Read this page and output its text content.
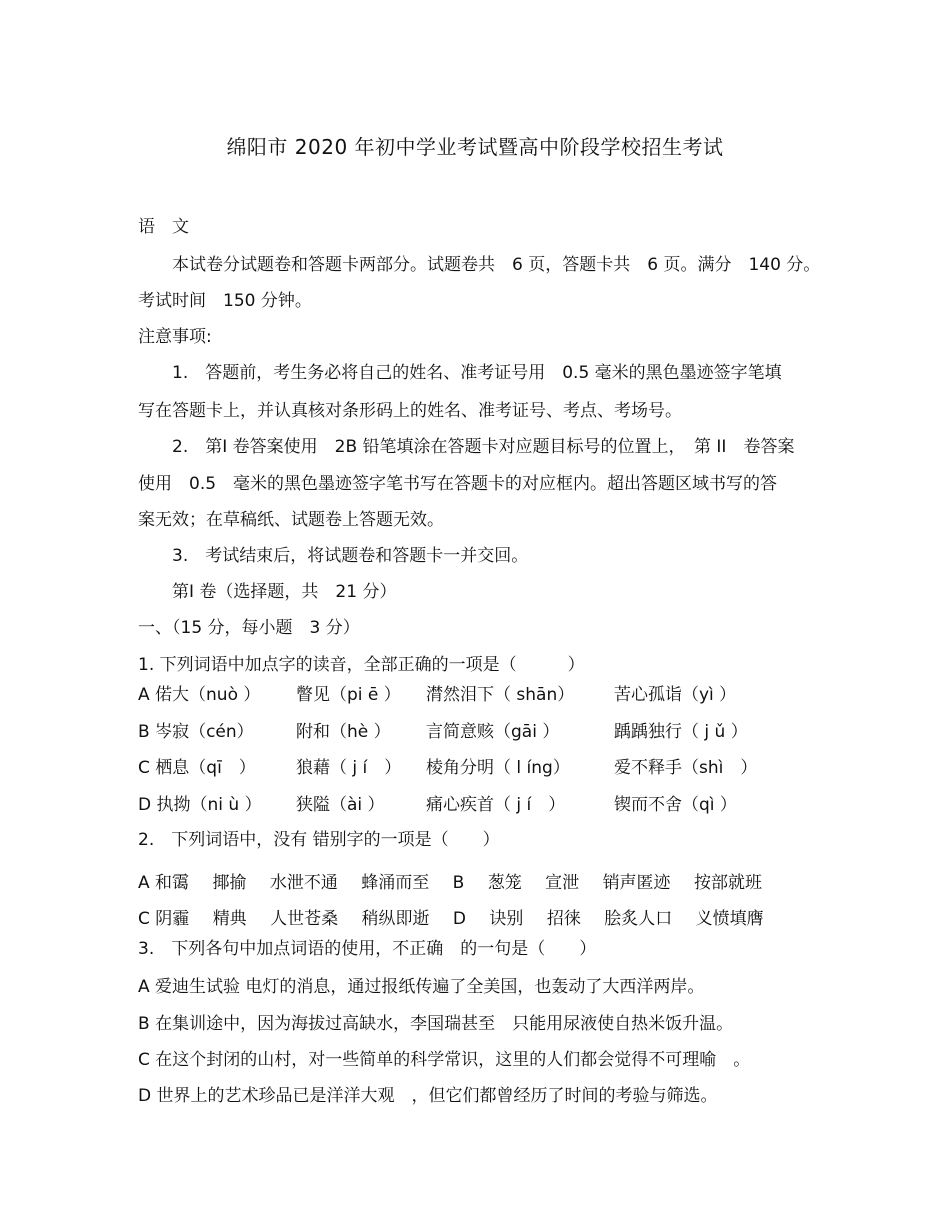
绵阳市 2020 年初中学业考试暨高中阶段学校招生考试
语　文
本试卷分试题卷和答题卡两部分。试题卷共　6 页，答题卡共　6 页。满分　140 分。
考试时间　150 分钟。
注意事项:
1.　答题前，考生务必将自己的姓名、准考证号用　0.5 毫米的黑色墨迹签字笔填
写在答题卡上，并认真核对条形码上的姓名、准考证号、考点、考场号。
2.　第Ⅰ 卷答案使用　2B 铅笔填涂在答题卡对应题目标号的位置上，　第 II　卷答案
使用　0.5　毫米的黑色墨迹签字笔书写在答题卡的对应框内。超出答题区域书写的答
案无效；在草稿纸、试题卷上答题无效。
3.　考试结束后，将试题卷和答题卡一并交回。
第Ⅰ 卷（选择题，共　21 分）
一、（15 分，每小题　3 分）
1. 下列词语中加点字的读音，全部正确的一项是（　　　）
A 偌大（nuò ） 瞥见（pi ē ） 潸然泪下（ shān） 苦心孤诣（yì ）
B 岑寂（cén） 附和（hè ） 言简意赅（gāi ）	踽踽独行（ j ǔ ）
C 栖息（qī　） 狼藉（ j í　） 棱角分明（ l íng）	爱不释手（shì　）
D 执拗（ni ù ） 狭隘（ài ） 痛心疾首（ j í　）	锲而不舍（qì ）
2.　下列词语中，没有 错别字的一项是（　　）
A 和霭 揶揄 水泄不通 蜂涌而至 B 葱笼 宣泄 销声匿迹 按部就班
C 阴霾 精典 人世苍桑 稍纵即逝 D 诀别 招徕 脍炙人口 义愤填膺
3.　下列各句中加点词语的使用，不正确　的一句是（　　）
A 爱迪生试验 电灯的消息，通过报纸传遍了全美国，也轰动了大西洋两岸。
B 在集训途中，因为海拔过高缺水，李国瑞甚至　只能用尿液使自热米饭升温。
C 在这个封闭的山村，对一些简单的科学常识，这里的人们都会觉得不可理喻　。
D 世界上的艺术珍品已是洋洋大观　，但它们都曾经历了时间的考验与筛选。
